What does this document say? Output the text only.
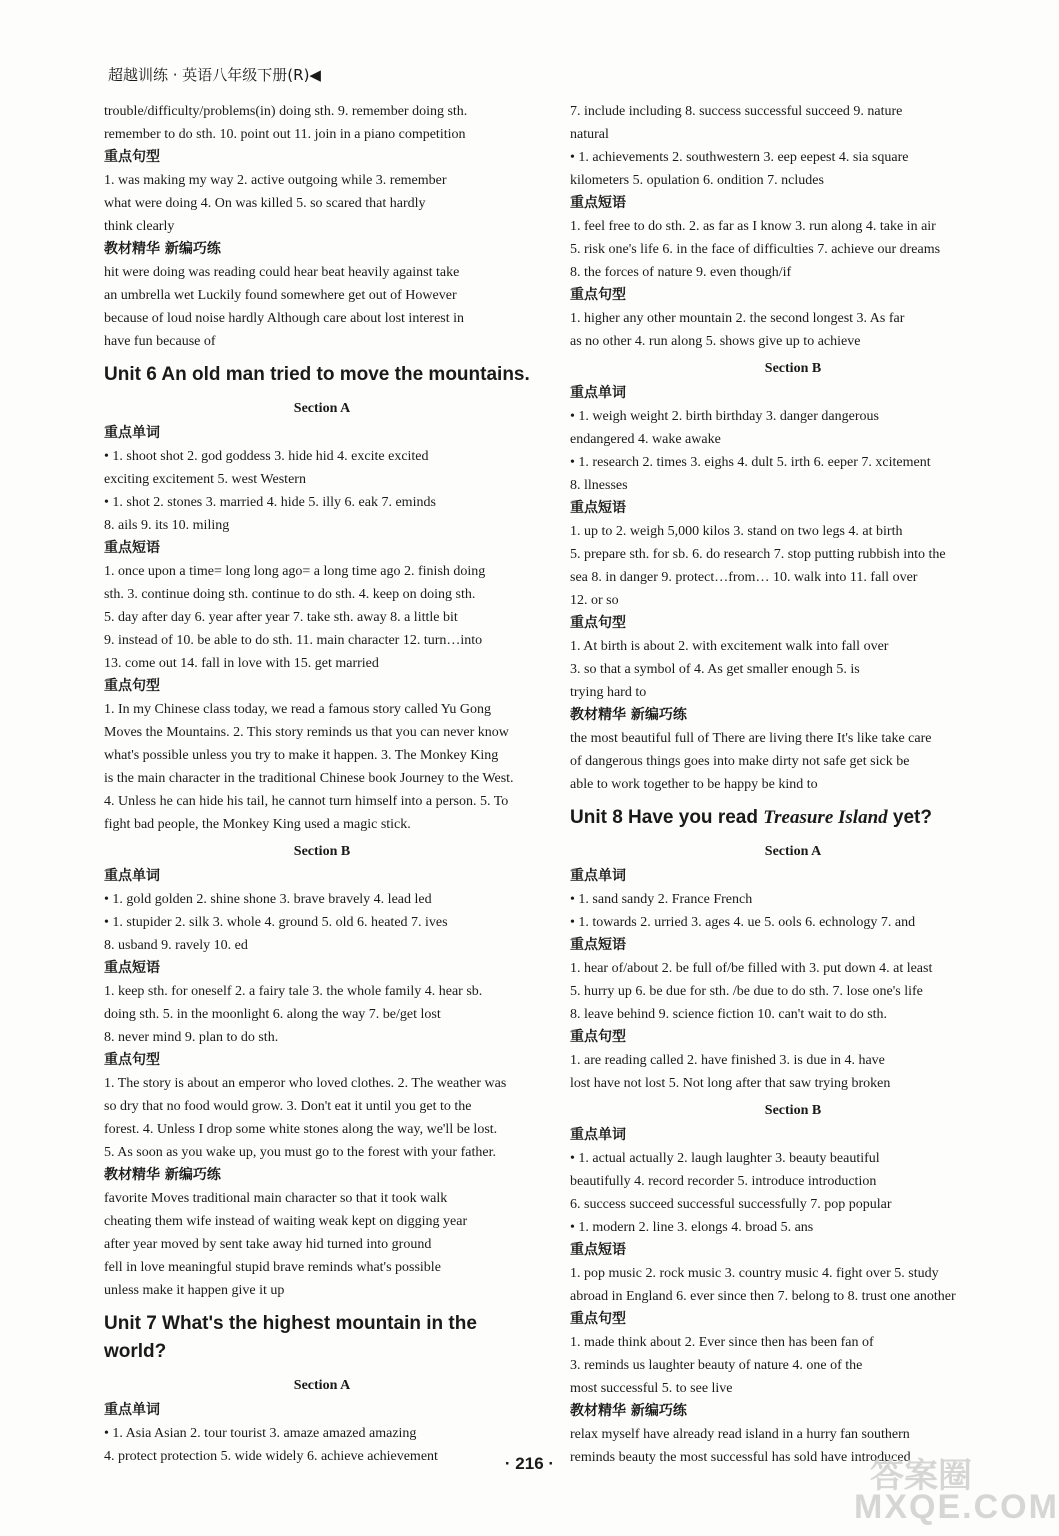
超越训练 · 英语八年级下册(R)◀
trouble/difficulty/problems(in) doing sth. 9. remember doing sth.
remember to do sth. 10. point out 11. join in a piano competition
重点句型
1. was making my way 2. active outgoing while 3. remember
what were doing 4. On was killed 5. so scared that hardly
think clearly
教材精华 新编巧练
hit were doing was reading could hear beat heavily against take
an umbrella wet Luckily found somewhere get out of However
because of loud noise hardly Although care about lost interest in
have fun because of
Unit 6 An old man tried to move the mountains.
Section A
重点单词
• 1. shoot shot 2. god goddess 3. hide hid 4. excite excited
exciting excitement 5. west Western
• 1. shot 2. stones 3. married 4. hide 5. illy 6. eak 7. eminds
8. ails 9. its 10. miling
重点短语
1. once upon a time= long long ago= a long time ago 2. finish doing
sth. 3. continue doing sth. continue to do sth. 4. keep on doing sth.
5. day after day 6. year after year 7. take sth. away 8. a little bit
9. instead of 10. be able to do sth. 11. main character 12. turn…into
13. come out 14. fall in love with 15. get married
重点句型
1. In my Chinese class today, we read a famous story called Yu Gong
Moves the Mountains. 2. This story reminds us that you can never know
what's possible unless you try to make it happen. 3. The Monkey King
is the main character in the traditional Chinese book Journey to the West.
4. Unless he can hide his tail, he cannot turn himself into a person. 5. To
fight bad people, the Monkey King used a magic stick.
Section B
重点单词
• 1. gold golden 2. shine shone 3. brave bravely 4. lead led
• 1. stupider 2. silk 3. whole 4. ground 5. old 6. heated 7. ives
8. usband 9. ravely 10. ed
重点短语
1. keep sth. for oneself 2. a fairy tale 3. the whole family 4. hear sb.
doing sth. 5. in the moonlight 6. along the way 7. be/get lost
8. never mind 9. plan to do sth.
重点句型
1. The story is about an emperor who loved clothes. 2. The weather was
so dry that no food would grow. 3. Don't eat it until you get to the
forest. 4. Unless I drop some white stones along the way, we'll be lost.
5. As soon as you wake up, you must go to the forest with your father.
教材精华 新编巧练
favorite Moves traditional main character so that it took walk
cheating them wife instead of waiting weak kept on digging year
after year moved by sent take away hid turned into ground
fell in love meaningful stupid brave reminds what's possible
unless make it happen give it up
Unit 7 What's the highest mountain in the world?
Section A
重点单词
• 1. Asia Asian 2. tour tourist 3. amaze amazed amazing
4. protect protection 5. wide widely 6. achieve achievement
7. include including 8. success successful succeed 9. nature
natural
• 1. achievements 2. southwestern 3. eep eepest 4. sia square
kilometers 5. opulation 6. ondition 7. ncludes
重点短语
1. feel free to do sth. 2. as far as I know 3. run along 4. take in air
5. risk one's life 6. in the face of difficulties 7. achieve our dreams
8. the forces of nature 9. even though/if
重点句型
1. higher any other mountain 2. the second longest 3. As far
as no other 4. run along 5. shows give up to achieve
Section B
重点单词
• 1. weigh weight 2. birth birthday 3. danger dangerous
endangered 4. wake awake
• 1. research 2. times 3. eighs 4. dult 5. irth 6. eeper 7. xcitement
8. llnesses
重点短语
1. up to 2. weigh 5,000 kilos 3. stand on two legs 4. at birth
5. prepare sth. for sb. 6. do research 7. stop putting rubbish into the
sea 8. in danger 9. protect…from… 10. walk into 11. fall over
12. or so
重点句型
1. At birth is about 2. with excitement walk into fall over
3. so that a symbol of 4. As get smaller enough 5. is
trying hard to
教材精华 新编巧练
the most beautiful full of There are living there It's like take care
of dangerous things goes into make dirty not safe get sick be
able to work together to be happy be kind to
Unit 8 Have you read Treasure Island yet?
Section A
重点单词
• 1. sand sandy 2. France French
• 1. towards 2. urried 3. ages 4. ue 5. ools 6. echnology 7. and
重点短语
1. hear of/about 2. be full of/be filled with 3. put down 4. at least
5. hurry up 6. be due for sth. /be due to do sth. 7. lose one's life
8. leave behind 9. science fiction 10. can't wait to do sth.
重点句型
1. are reading called 2. have finished 3. is due in 4. have
lost have not lost 5. Not long after that saw trying broken
Section B
重点单词
• 1. actual actually 2. laugh laughter 3. beauty beautiful
beautifully 4. record recorder 5. introduce introduction
6. success succeed successful successfully 7. pop popular
• 1. modern 2. line 3. elongs 4. broad 5. ans
重点短语
1. pop music 2. rock music 3. country music 4. fight over 5. study
abroad in England 6. ever since then 7. belong to 8. trust one another
重点句型
1. made think about 2. Ever since then has been fan of
3. reminds us laughter beauty of nature 4. one of the
most successful 5. to see live
教材精华 新编巧练
relax myself have already read island in a hurry fan southern
reminds beauty the most successful has sold have introduced
· 216 ·	答案圈
MXQE.COM
